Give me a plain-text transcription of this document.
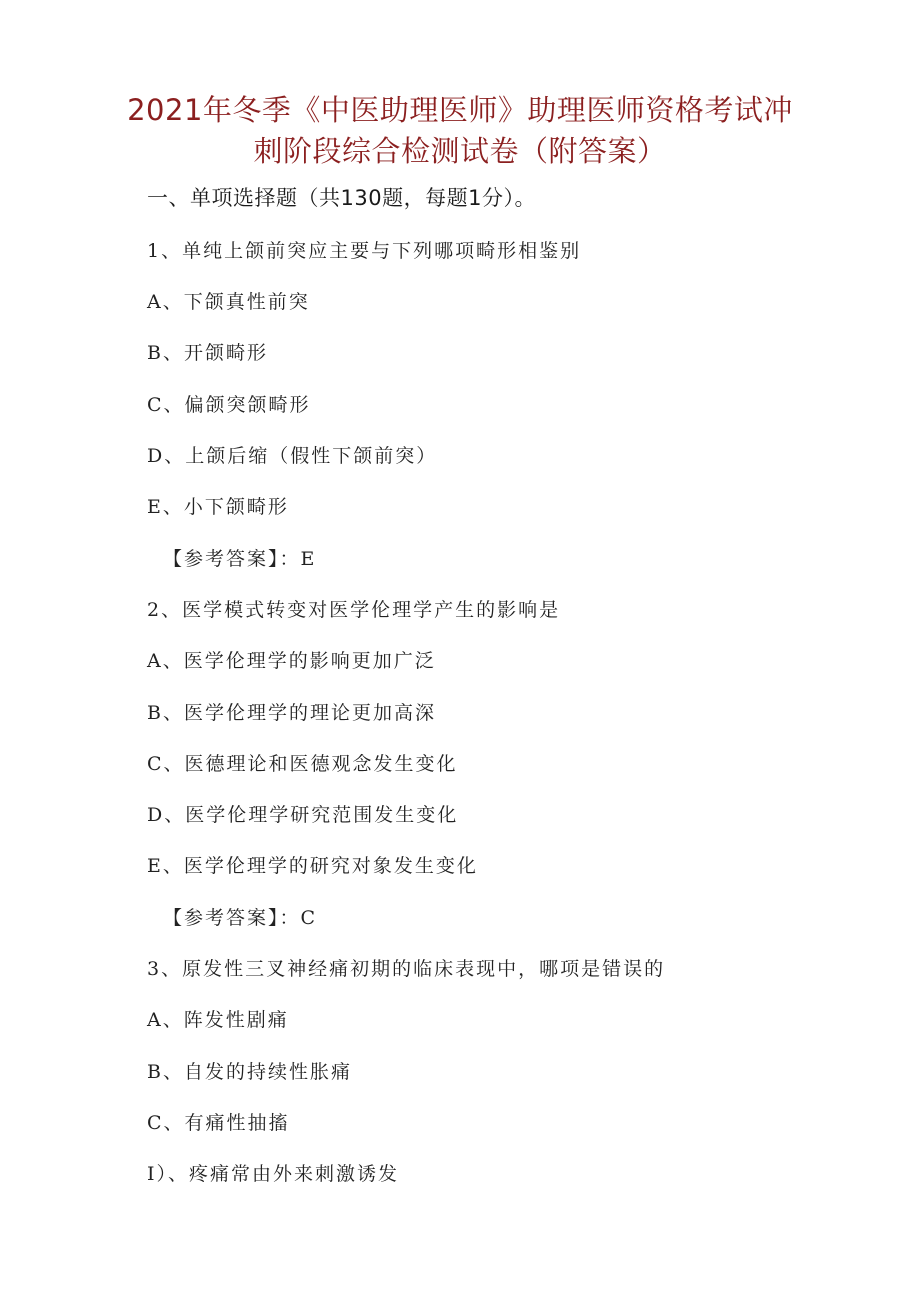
2021年冬季《中医助理医师》助理医师资格考试冲
刺阶段综合检测试卷（附答案）
一、单项选择题（共130题，每题1分）。
1、单纯上颌前突应主要与下列哪项畸形相鉴别
A、下颌真性前突
B、开颌畸形
C、偏颌突颌畸形
D、上颌后缩（假性下颌前突）
E、小下颌畸形
【参考答案】：E
2、医学模式转变对医学伦理学产生的影响是
A、医学伦理学的影响更加广泛
B、医学伦理学的理论更加高深
C、医德理论和医德观念发生变化
D、医学伦理学研究范围发生变化
E、医学伦理学的研究对象发生变化
【参考答案】：C
3、原发性三叉神经痛初期的临床表现中，哪项是错误的
A、阵发性剧痛
B、自发的持续性胀痛
C、有痛性抽搐
I）、疼痛常由外来刺激诱发
